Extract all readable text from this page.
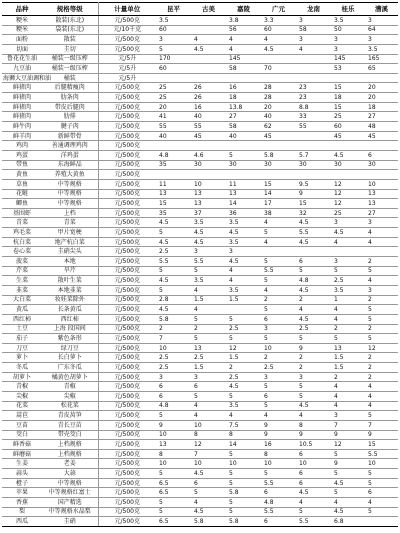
品种	规格等级	计量单位	昆平	古美	嘉陵	广元	龙南	桂乐	漕溪
粳米	散装(东北)	元/500克	3.5		3.8	3.3	3	3.5	3
粳米	袋装(东北)	元/10千克	60		56	60	58	50	64
面粉	散装	元/500克	3	4	4	4	3	3	3
切面	圭切	元/500克	5	4.5	4	4.5	4	3	3.5
鲁花花生油	桶装一级压榨	元/5升	170		145			145	165
九豆油	桶装一级压榨	元/5升	60		58	70		53	65
海狮大豆油调和油	桶装	元/5升							
鲜猪肉	后腿精瘦肉	元/500克	25	26	16	28	23	15	20
鲜猪肉	肋条肉	元/500克	25	26	18	28	23	18	20
鲜猪肉	带皮后腿肉	元/500克	20	16	13.8	20	8.8	15	18
鲜猪肉	肋排	元/500克	41	40	27	40	33	25	27
鲜牛肉	腱子肉	元/500克	55	55	58	62	55	60	48
鲜羊肉	新鲜带骨	元/500克	40	45	40	45		45	45
鸡肉	善通调理鸡肉	元/500克							
鸡蛋	洋鸡蛋	元/500克	4.8	4.6	5	5.8	5.7	4.5	6
带鱼	东海鲜品	元/500克	35	30	30	30	30	30	30
黄鱼	养殖大黄鱼	元/500克							
草鱼	中等规格	元/500克	11	10	11	15	9.5	12	10
花鲢	中等规格	元/500克	13	13	13	14	9	12	13
鲫鱼	中等规格	元/500克	15	13	14	17	15	12	13
基围虾	上档	元/500克	35	37	36	38	32	25	27
青菜	青菜	元/500克	4.5	3.5	3.5	4	4.5	3	3
鸡毛菜	甲片宽梗	元/500克	5	4.5	4.5	5	5.5	4.5	4
杭白菜	地产杭白菜	元/500克	4.5	4.5	3.5	4	4.5	4	4
卷心菜	圭硝尖头	元/500克	2.5	3	3				
菠菜	本地	元/500克	5.5	5.5	4.5	5	6	3	2
芹菜	旱芹	元/500克	5	5	4	5.5	5	5	5
生菜	散叶生菜	元/500克	4.5	3.5	4	5	4.8	2.5	4
韭菜	本地韭菜	元/500克	5	4	3.5	4	4.5	3.5	3
大白菜	妆娃菜除外	元/500克	2.8	1.5	1.5	2	2	1	2
黄瓜	长条黄瓜	元/500克	4.5	4		5	4	4	5
西红柿	西红柿	元/500克	5.8	5	5	6	4.5	4	5
土豆	上海 段国间	元/500克	2	2	2.5	3	2.5	2	2
茄子	紫色条形	元/500克	7	5	5	5	5	5	5
刀豆	绿刀豆	元/500克	10	13	12	10	9	13	12
萝卜	长白萝卜	元/500克	2.5	2.5	1.5	2	2	1.5	2
冬瓜	广东冬瓜	元/500克	2.5	1.5	2	2.5	2	1.5	2
胡萝卜	橘黄色胡萝卜	元/500克	3	3	2.5	3	3	2	2
青椒	青椒	元/500克	6	6	4.5	5	5	4	4
尖椒	尖椒	元/500克	6	5	5	6	5	4	4
花菜	松花菜	元/500克	4.8	4	3.5	5	4.5	4	4
蒿苣	青皮莴笋	元/500克	5	4	4	4	4	3	5
豆苗	青长豆苗	元/500克	9	10	7.5	9	8	7	7
茭白	带壳茭白	元/500克	10	8	8	9	9	9	9
鲜香菇	上档规格	元/500克	13	12	14	16	10.5	12	15
鲜蘑菇	上档规格	元/500克	8	7	5	8	6	5	5.5
生姜	老姜	元/500克	10	10	10	10	10	9	10
蒜头	大蒜	元/500克	5	4.5	5	5	6	5	5
橙子	中等规格	元/500克	6.5	6	5	5.5	6	4.5	5
苹果	中等规格红富士	元/500克	6.5	5	5.8	6	4.5	5	6
香蕉	国产精选	元/500克	5	4	5	4.8	4	4	4
梨	中等规格水晶梨	元/500克	5	4.5	5	5.5	5	4.5	5
西瓜	圭硝	元/500克	6.5	5.8	5.8	6	5.5	6.8	
